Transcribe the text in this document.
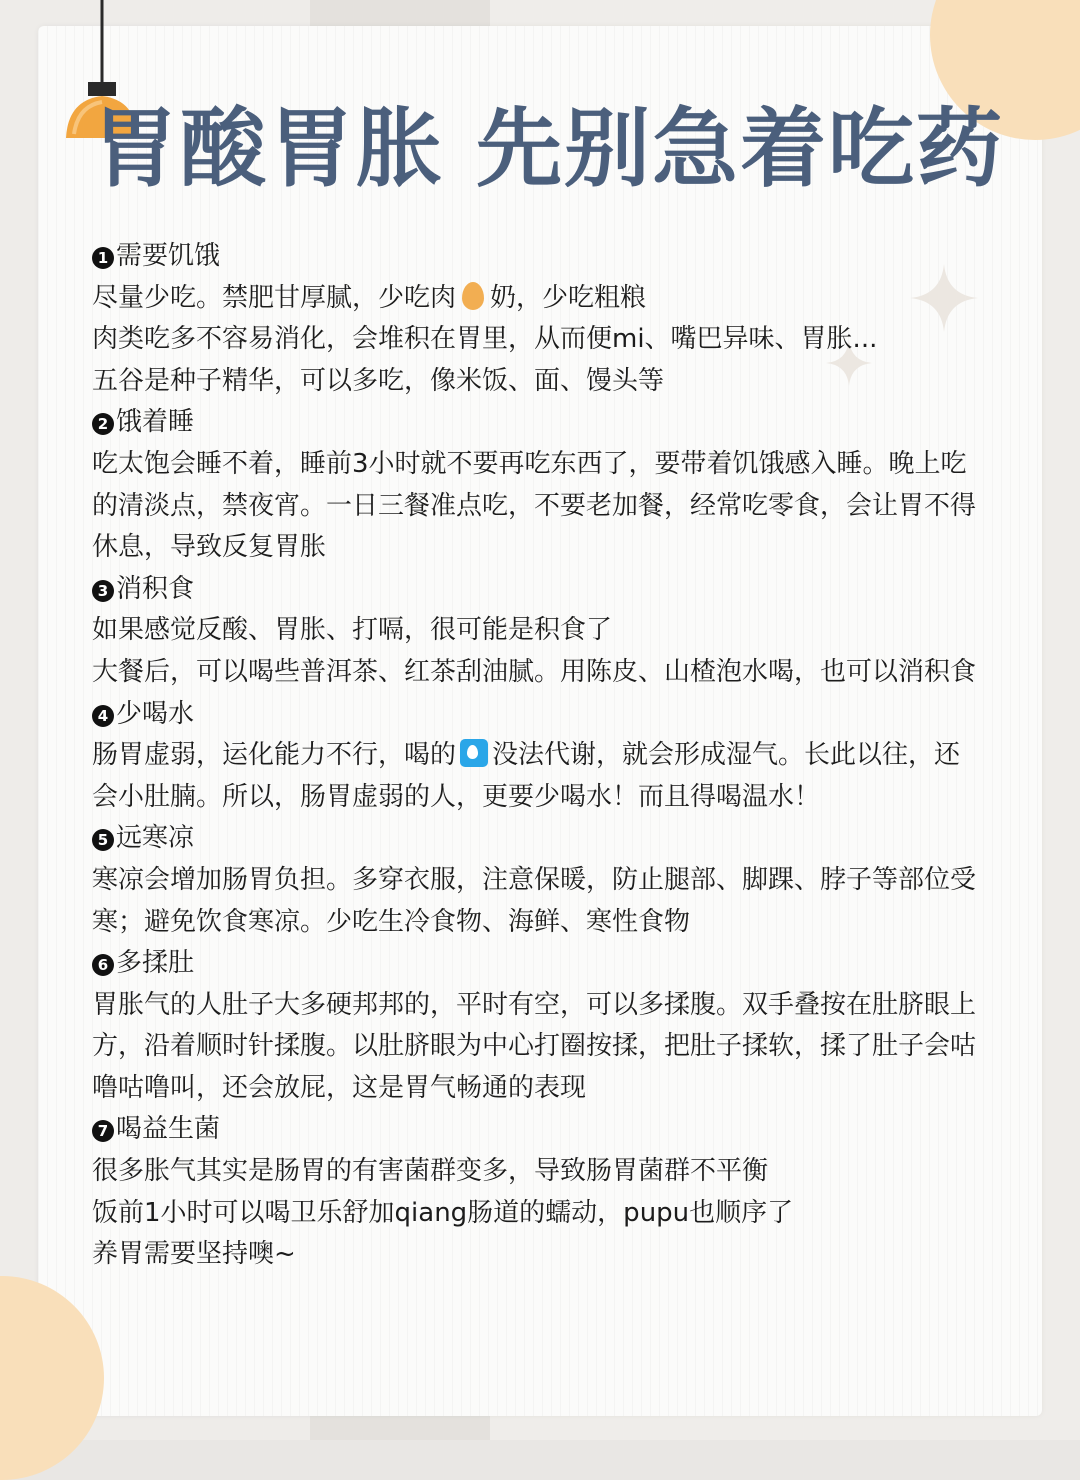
胃酸胃胀 先别急着吃药

1 需要饥饿

尽量少吃。禁肥甘厚腻，少吃肉 奶，少吃粗粮

肉类吃多不容易消化，会堆积在胃里，从而便mi、嘴巴异味、胃胀...

五谷是种子精华，可以多吃，像米饭、面、馒头等

2 饿着睡

吃太饱会睡不着，睡前3小时就不要再吃东西了，要带着饥饿感入睡。晚上吃的清淡点，禁夜宵。一日三餐准点吃，不要老加餐，经常吃零食，会让胃不得休息，导致反复胃胀

3 消积食

如果感觉反酸、胃胀、打嗝，很可能是积食了

大餐后，可以喝些普洱茶、红茶刮油腻。用陈皮、山楂泡水喝，也可以消积食

4 少喝水

肠胃虚弱，运化能力不行，喝的 没法代谢，就会形成湿气。长此以往，还会小肚腩。所以，肠胃虚弱的人，更要少喝水！而且得喝温水！

5 远寒凉

寒凉会增加肠胃负担。多穿衣服，注意保暖，防止腿部、脚踝、脖子等部位受寒；避免饮食寒凉。少吃生冷食物、海鲜、寒性食物

6 多揉肚

胃胀气的人肚子大多硬邦邦的，平时有空，可以多揉腹。双手叠按在肚脐眼上方，沿着顺时针揉腹。以肚脐眼为中心打圈按揉，把肚子揉软，揉了肚子会咕噜咕噜叫，还会放屁，这是胃气畅通的表现

7 喝益生菌

很多胀气其实是肠胃的有害菌群变多，导致肠胃菌群不平衡

饭前1小时可以喝卫乐舒加qiang肠道的蠕动，pupu也顺序了

养胃需要坚持噢~
